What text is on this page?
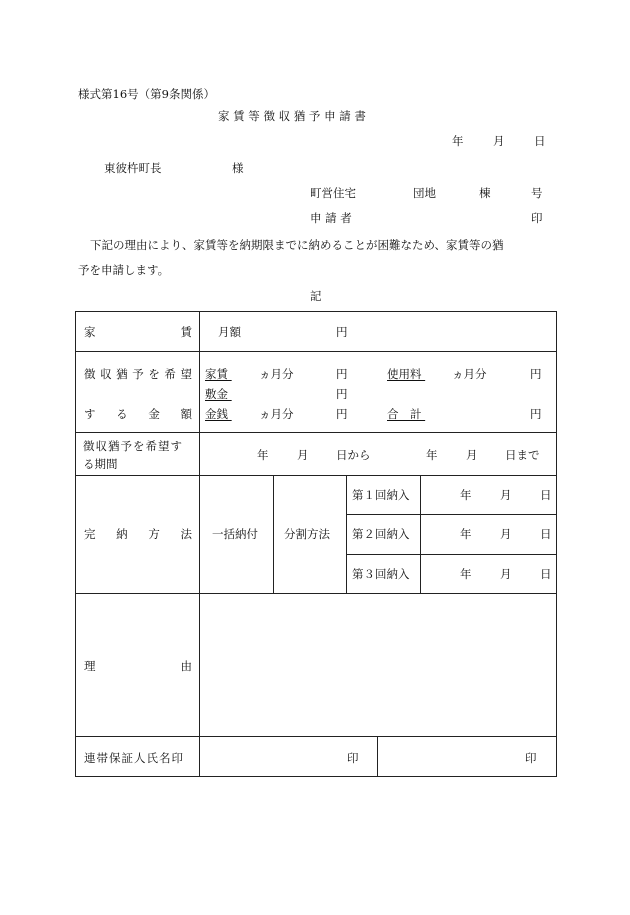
様式第16号（第9条関係）
家 賃 等 徴 収 猶 予 申 請 書
年	月	日
東彼杵町長	様
町営住宅	団地	棟	号
申 請 者	印
下記の理由により、家賃等を納期限までに納めることが困難なため、家賃等の猶
予を申請します。
記
家	賃 月額	円
徴 収 猶 予 を 希 望
す る 金 額
家賃	ヵ月分	円	使用料	ヵ月分	円
敷金	円
金銭	ヵ月分	円	合　計	円
徴収猶予を希望す
る期間
年 月 日から	年 月 日まで
完 納 方 法 一括納付 分割方法
第１回納入	年 月 日
第２回納入	年 月 日
第３回納入	年 月 日
理	由
連帯保証人氏名印	印	印
